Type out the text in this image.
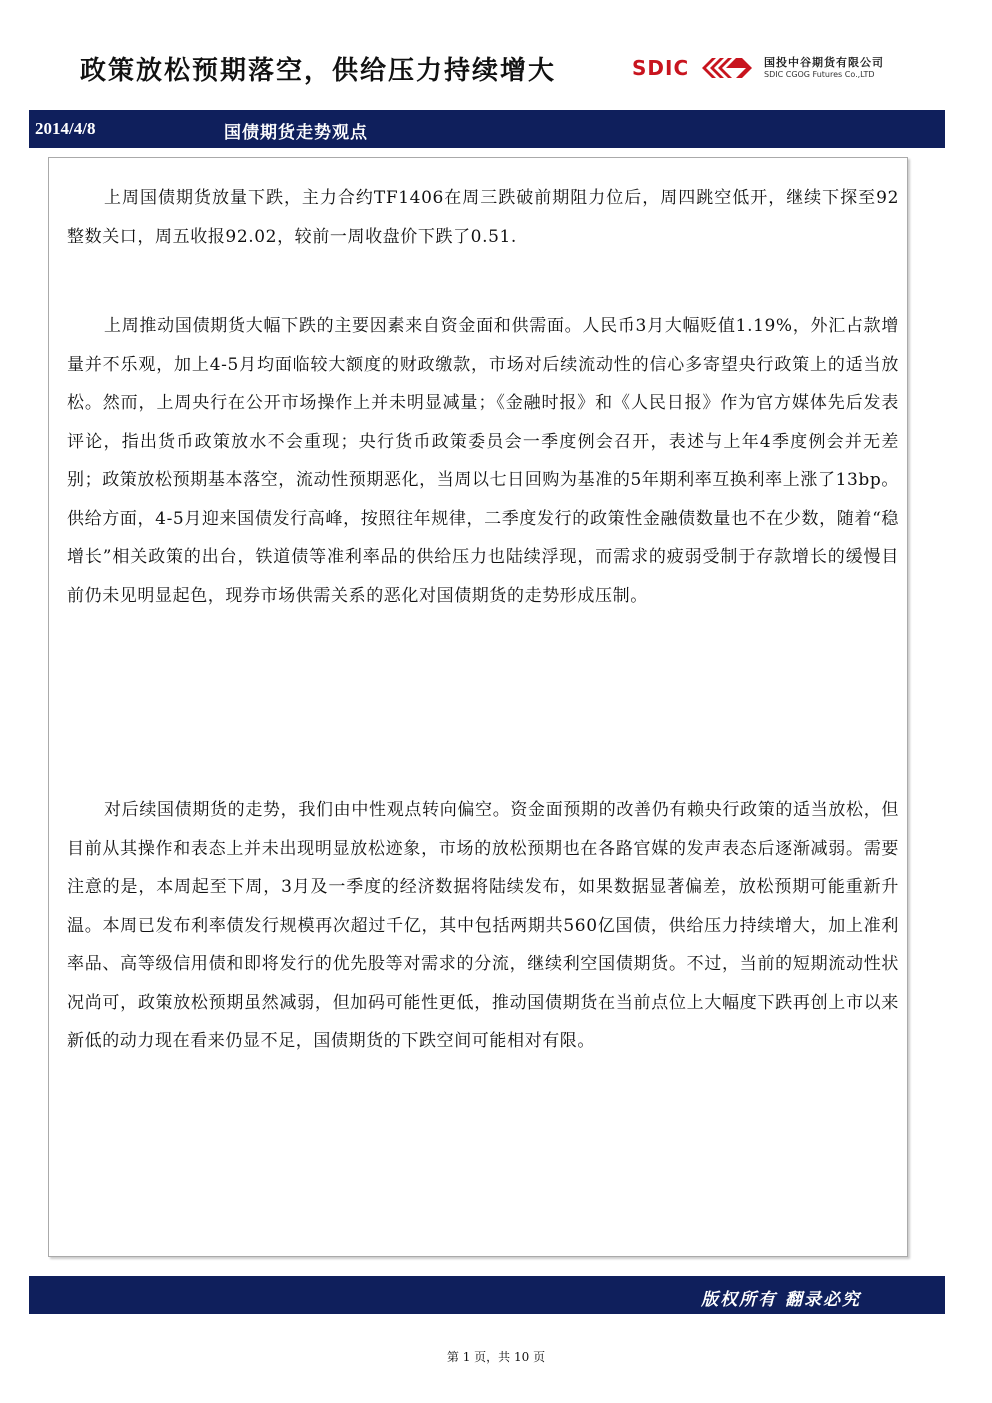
政策放松预期落空，供给压力持续增大	SDIC	国投中谷期货有限公司
SDIC CGOG Futures Co.,LTD
2014/4/8	国债期货走势观点

上周国债期货放量下跌，主力合约TF1406在周三跌破前期阻力位后，周四跳空低开，继续下探至92整数关口，周五收报92.02，较前一周收盘价下跌了0.51.

上周推动国债期货大幅下跌的主要因素来自资金面和供需面。人民币3月大幅贬值1.19%，外汇占款增量并不乐观，加上4-5月均面临较大额度的财政缴款，市场对后续流动性的信心多寄望央行政策上的适当放松。然而，上周央行在公开市场操作上并未明显减量；《金融时报》和《人民日报》作为官方媒体先后发表评论，指出货币政策放水不会重现；央行货币政策委员会一季度例会召开，表述与上年4季度例会并无差别；政策放松预期基本落空，流动性预期恶化，当周以七日回购为基准的5年期利率互换利率上涨了13bp。供给方面，4-5月迎来国债发行高峰，按照往年规律，二季度发行的政策性金融债数量也不在少数，随着“稳增长”相关政策的出台，铁道债等准利率品的供给压力也陆续浮现，而需求的疲弱受制于存款增长的缓慢目前仍未见明显起色，现券市场供需关系的恶化对国债期货的走势形成压制。

对后续国债期货的走势，我们由中性观点转向偏空。资金面预期的改善仍有赖央行政策的适当放松，但目前从其操作和表态上并未出现明显放松迹象，市场的放松预期也在各路官媒的发声表态后逐渐减弱。需要注意的是，本周起至下周，3月及一季度的经济数据将陆续发布，如果数据显著偏差，放松预期可能重新升温。本周已发布利率债发行规模再次超过千亿，其中包括两期共560亿国债，供给压力持续增大，加上准利率品、高等级信用债和即将发行的优先股等对需求的分流，继续利空国债期货。不过，当前的短期流动性状况尚可，政策放松预期虽然减弱，但加码可能性更低，推动国债期货在当前点位上大幅度下跌再创上市以来新低的动力现在看来仍显不足，国债期货的下跌空间可能相对有限。

版权所有 翻录必究
第 1 页，共 10 页
